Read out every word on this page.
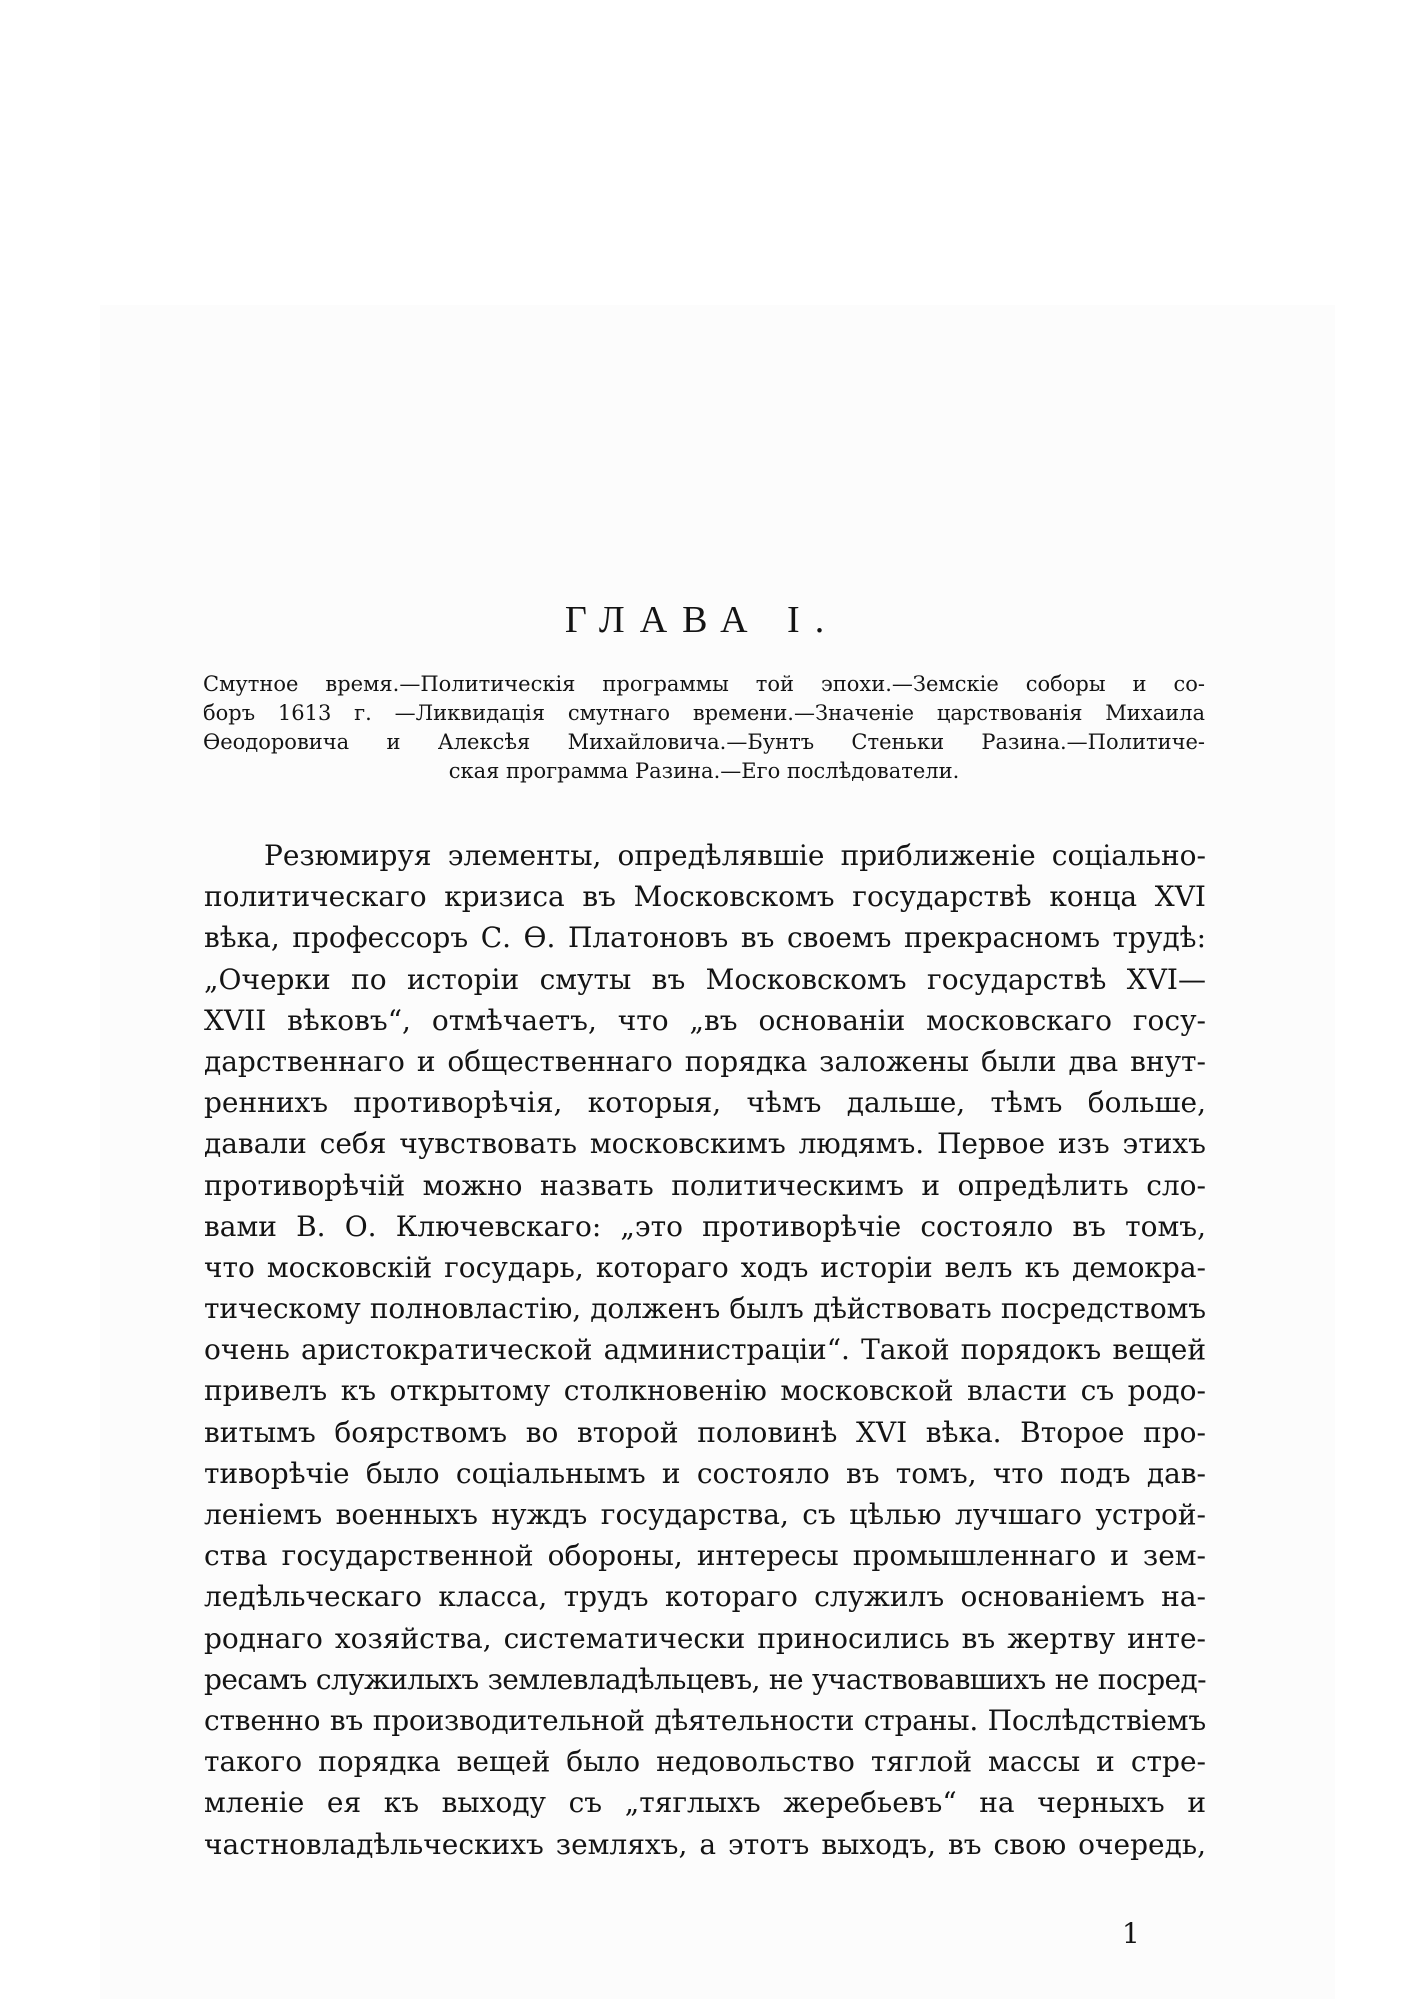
ГЛАВА I.
Смутное время.—Политическія программы той эпохи.—Земскіе соборы и со-
боръ 1613 г. —Ликвидація смутнаго времени.—Значеніе царствованія Михаила
Ѳеодоровича и Алексѣя Михайловича.—Бунтъ Стеньки Разина.—Политиче-
ская программа Разина.—Его послѣдователи.
Резюмируя элементы, опредѣлявшіе приближеніе соціально-
политическаго кризиса въ Московскомъ государствѣ конца XVI
вѣка, профессоръ С. Ѳ. Платоновъ въ своемъ прекрасномъ трудѣ:
„Очерки по исторіи смуты въ Московскомъ государствѣ XVI—
XVII вѣковъ“, отмѣчаетъ, что „въ основаніи московскаго госу-
дарственнаго и общественнаго порядка заложены были два внут-
реннихъ противорѣчія, которыя, чѣмъ дальше, тѣмъ больше,
давали себя чувствовать московскимъ людямъ. Первое изъ этихъ
противорѣчій можно назвать политическимъ и опредѣлить сло-
вами В. О. Ключевскаго: „это противорѣчіе состояло въ томъ,
что московскій государь, котораго ходъ исторіи велъ къ демокра-
тическому полновластію, долженъ былъ дѣйствовать посредствомъ
очень аристократической администраціи“. Такой порядокъ вещей
привелъ къ открытому столкновенію московской власти съ родо-
витымъ боярствомъ во второй половинѣ XVI вѣка. Второе про-
тиворѣчіе было соціальнымъ и состояло въ томъ, что подъ дав-
леніемъ военныхъ нуждъ государства, съ цѣлью лучшаго устрой-
ства государственной обороны, интересы промышленнаго и зем-
ледѣльческаго класса, трудъ котораго служилъ основаніемъ на-
роднаго хозяйства, систематически приносились въ жертву инте-
ресамъ служилыхъ землевладѣльцевъ, не участвовавшихъ не посред-
ственно въ производительной дѣятельности страны. Послѣдствіемъ
такого порядка вещей было недовольство тяглой массы и стре-
мленіе ея къ выходу съ „тяглыхъ жеребьевъ“ на черныхъ и
частновладѣльческихъ земляхъ, а этотъ выходъ, въ свою очередь,
1
